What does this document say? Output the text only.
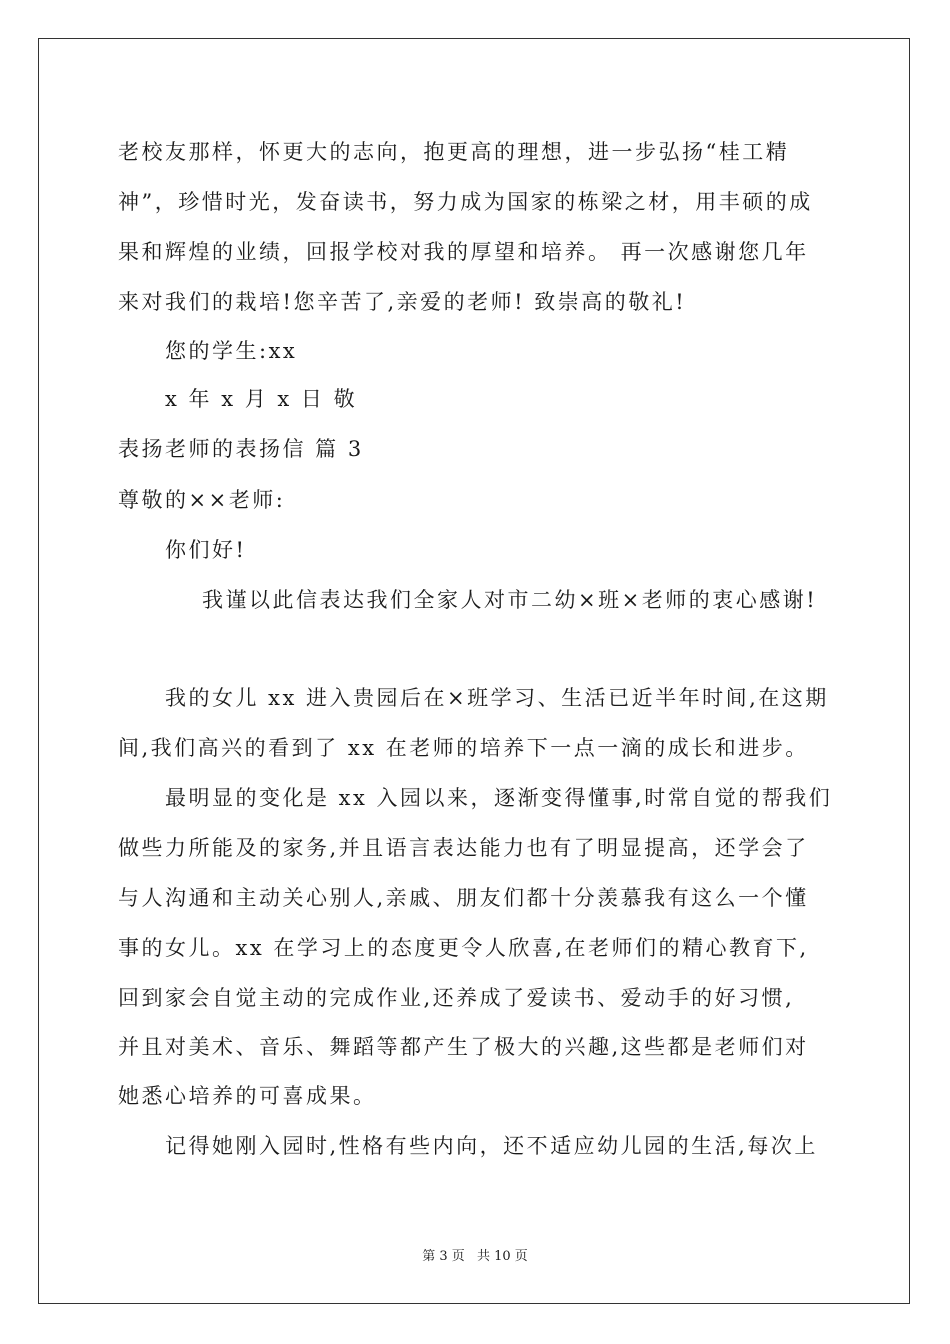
老校友那样，怀更大的志向，抱更高的理想，进一步弘扬“桂工精

神”，珍惜时光，发奋读书，努力成为国家的栋梁之材，用丰硕的成

果和辉煌的业绩，回报学校对我的厚望和培养。 再一次感谢您几年

来对我们的栽培!您辛苦了,亲爱的老师! 致崇高的敬礼!

您的学生:xx

x 年 x 月 x 日 敬

表扬老师的表扬信 篇 3

尊敬的××老师:

你们好!

我谨以此信表达我们全家人对市二幼×班×老师的衷心感谢!

我的女儿 xx 进入贵园后在×班学习、生活已近半年时间,在这期

间,我们高兴的看到了 xx 在老师的培养下一点一滴的成长和进步。

最明显的变化是 xx 入园以来，逐渐变得懂事,时常自觉的帮我们

做些力所能及的家务,并且语言表达能力也有了明显提高，还学会了

与人沟通和主动关心别人,亲戚、朋友们都十分羡慕我有这么一个懂

事的女儿。xx 在学习上的态度更令人欣喜,在老师们的精心教育下,

回到家会自觉主动的完成作业,还养成了爱读书、爱动手的好习惯,

并且对美术、音乐、舞蹈等都产生了极大的兴趣,这些都是老师们对

她悉心培养的可喜成果。

记得她刚入园时,性格有些内向，还不适应幼儿园的生活,每次上

第 3 页 共 10 页
